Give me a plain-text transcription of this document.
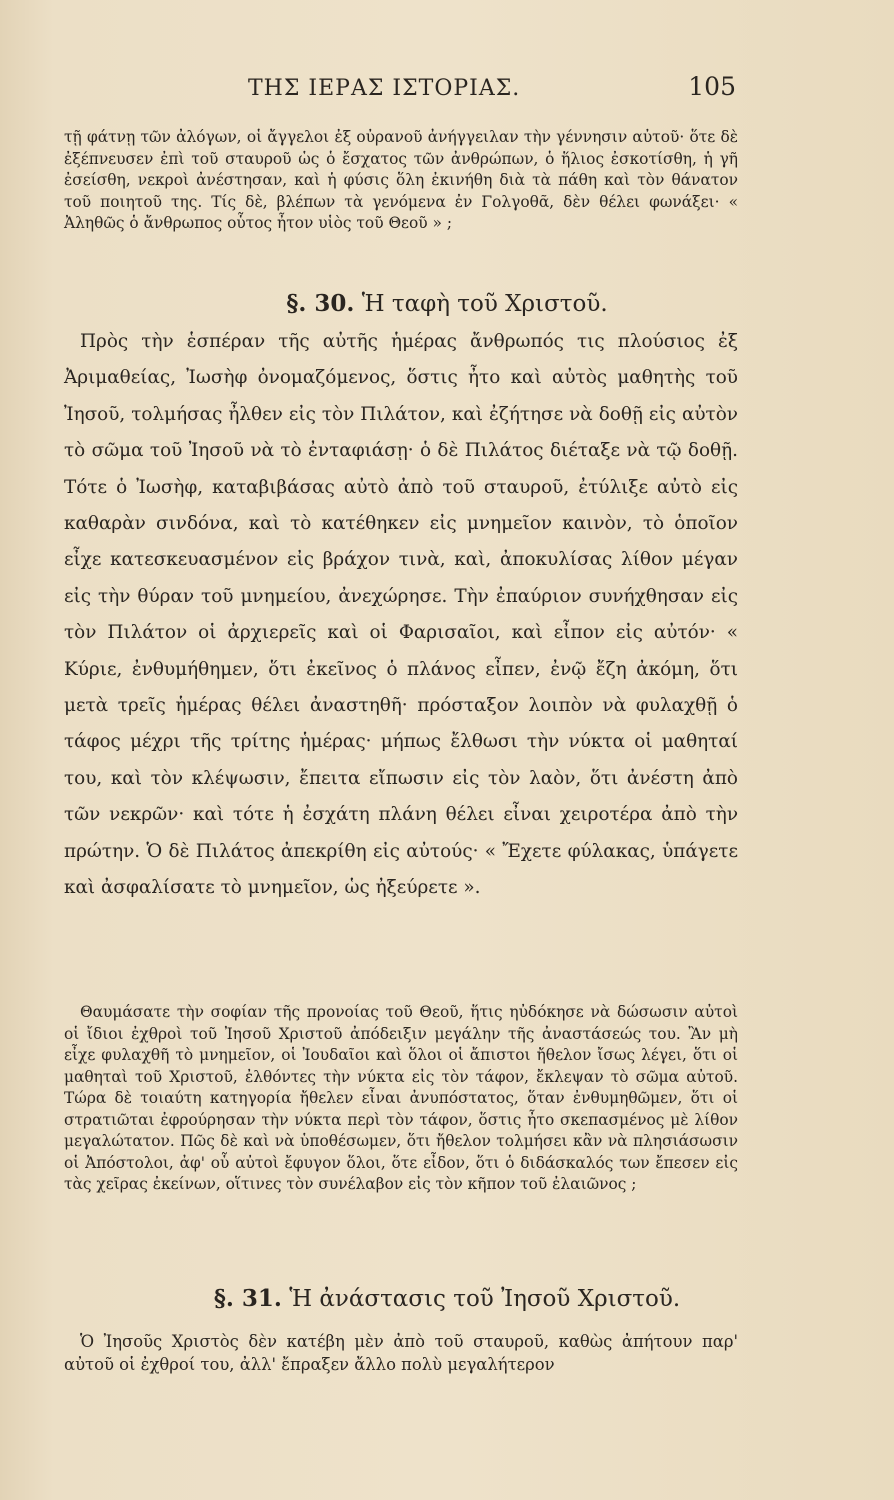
ΤΗΣ ΙΕΡΑΣ ΙΣΤΟΡΙΑΣ.	105

τῇ φάτνῃ τῶν ἀλόγων, οἱ ἄγγελοι ἐξ οὐρανοῦ ἀνήγγειλαν τὴν γέννησιν αὐτοῦ· ὅτε δὲ ἐξέπνευσεν ἐπὶ τοῦ σταυροῦ ὡς ὁ ἔσχατος τῶν ἀνθρώπων, ὁ ἥλιος ἐσκοτίσθη, ἡ γῆ ἐσείσθη, νεκροὶ ἀνέστησαν, καὶ ἡ φύσις ὅλη ἐκινήθη διὰ τὰ πάθη καὶ τὸν θάνατον τοῦ ποιητοῦ της. Τίς δὲ, βλέπων τὰ γενόμενα ἐν Γολγοθᾶ, δὲν θέλει φωνάξει· « Ἀληθῶς ὁ ἄνθρωπος οὗτος ἦτον υἱὸς τοῦ Θεοῦ » ;

§. 30. Ἡ ταφὴ τοῦ Χριστοῦ.

Πρὸς τὴν ἑσπέραν τῆς αὐτῆς ἡμέρας ἄνθρωπός τις πλούσιος ἐξ Ἀριμαθείας, Ἰωσὴφ ὀνομαζόμενος, ὅστις ἦτο καὶ αὐτὸς μαθητὴς τοῦ Ἰησοῦ, τολμήσας ἦλθεν εἰς τὸν Πιλάτον, καὶ ἐζήτησε νὰ δοθῇ εἰς αὐτὸν τὸ σῶμα τοῦ Ἰησοῦ νὰ τὸ ἐνταφιάσῃ· ὁ δὲ Πιλάτος διέταξε νὰ τῷ δοθῇ. Τότε ὁ Ἰωσὴφ, καταβιβάσας αὐτὸ ἀπὸ τοῦ σταυροῦ, ἐτύλιξε αὐτὸ εἰς καθαρὰν σινδόνα, καὶ τὸ κατέθηκεν εἰς μνημεῖον καινὸν, τὸ ὁποῖον εἶχε κατεσκευασμένον εἰς βράχον τινὰ, καὶ, ἀποκυλίσας λίθον μέγαν εἰς τὴν θύραν τοῦ μνημείου, ἀνεχώρησε. Τὴν ἐπαύριον συνήχθησαν εἰς τὸν Πιλάτον οἱ ἀρχιερεῖς καὶ οἱ Φαρισαῖοι, καὶ εἶπον εἰς αὐτόν· « Κύριε, ἐνθυμήθημεν, ὅτι ἐκεῖνος ὁ πλάνος εἶπεν, ἐνῷ ἔζη ἀκόμη, ὅτι μετὰ τρεῖς ἡμέρας θέλει ἀναστηθῆ· πρόσταξον λοιπὸν νὰ φυλαχθῇ ὁ τάφος μέχρι τῆς τρίτης ἡμέρας· μήπως ἔλθωσι τὴν νύκτα οἱ μαθηταί του, καὶ τὸν κλέψωσιν, ἔπειτα εἴπωσιν εἰς τὸν λαὸν, ὅτι ἀνέστη ἀπὸ τῶν νεκρῶν· καὶ τότε ἡ ἐσχάτη πλάνη θέλει εἶναι χειροτέρα ἀπὸ τὴν πρώτην. Ὁ δὲ Πιλάτος ἀπεκρίθη εἰς αὐτούς· « Ἔχετε φύλακας, ὑπάγετε καὶ ἀσφαλίσατε τὸ μνημεῖον, ὡς ἠξεύρετε ».

Θαυμάσατε τὴν σοφίαν τῆς προνοίας τοῦ Θεοῦ, ἥτις ηὐδόκησε νὰ δώσωσιν αὐτοὶ οἱ ἴδιοι ἐχθροὶ τοῦ Ἰησοῦ Χριστοῦ ἀπόδειξιν μεγάλην τῆς ἀναστάσεώς του. Ἂν μὴ εἶχε φυλαχθῆ τὸ μνημεῖον, οἱ Ἰουδαῖοι καὶ ὅλοι οἱ ἄπιστοι ἤθελον ἴσως λέγει, ὅτι οἱ μαθηταὶ τοῦ Χριστοῦ, ἐλθόντες τὴν νύκτα εἰς τὸν τάφον, ἔκλεψαν τὸ σῶμα αὐτοῦ. Τώρα δὲ τοιαύτη κατηγορία ἤθελεν εἶναι ἀνυπόστατος, ὅταν ἐνθυμηθῶμεν, ὅτι οἱ στρατιῶται ἐφρούρησαν τὴν νύκτα περὶ τὸν τάφον, ὅστις ἦτο σκεπασμένος μὲ λίθον μεγαλώτατον. Πῶς δὲ καὶ νὰ ὑποθέσωμεν, ὅτι ἤθελον τολμήσει κἂν νὰ πλησιάσωσιν οἱ Ἀπόστολοι, ἀφ' οὗ αὐτοὶ ἔφυγον ὅλοι, ὅτε εἶδον, ὅτι ὁ διδάσκαλός των ἔπεσεν εἰς τὰς χεῖρας ἐκείνων, οἵτινες τὸν συνέλαβον εἰς τὸν κῆπον τοῦ ἐλαιῶνος ;

§. 31. Ἡ ἀνάστασις τοῦ Ἰησοῦ Χριστοῦ.

Ὁ Ἰησοῦς Χριστὸς δὲν κατέβη μὲν ἀπὸ τοῦ σταυροῦ, καθὼς ἀπήτουν παρ' αὐτοῦ οἱ ἐχθροί του, ἀλλ' ἔπραξεν ἄλλο πολὺ μεγαλήτερον
